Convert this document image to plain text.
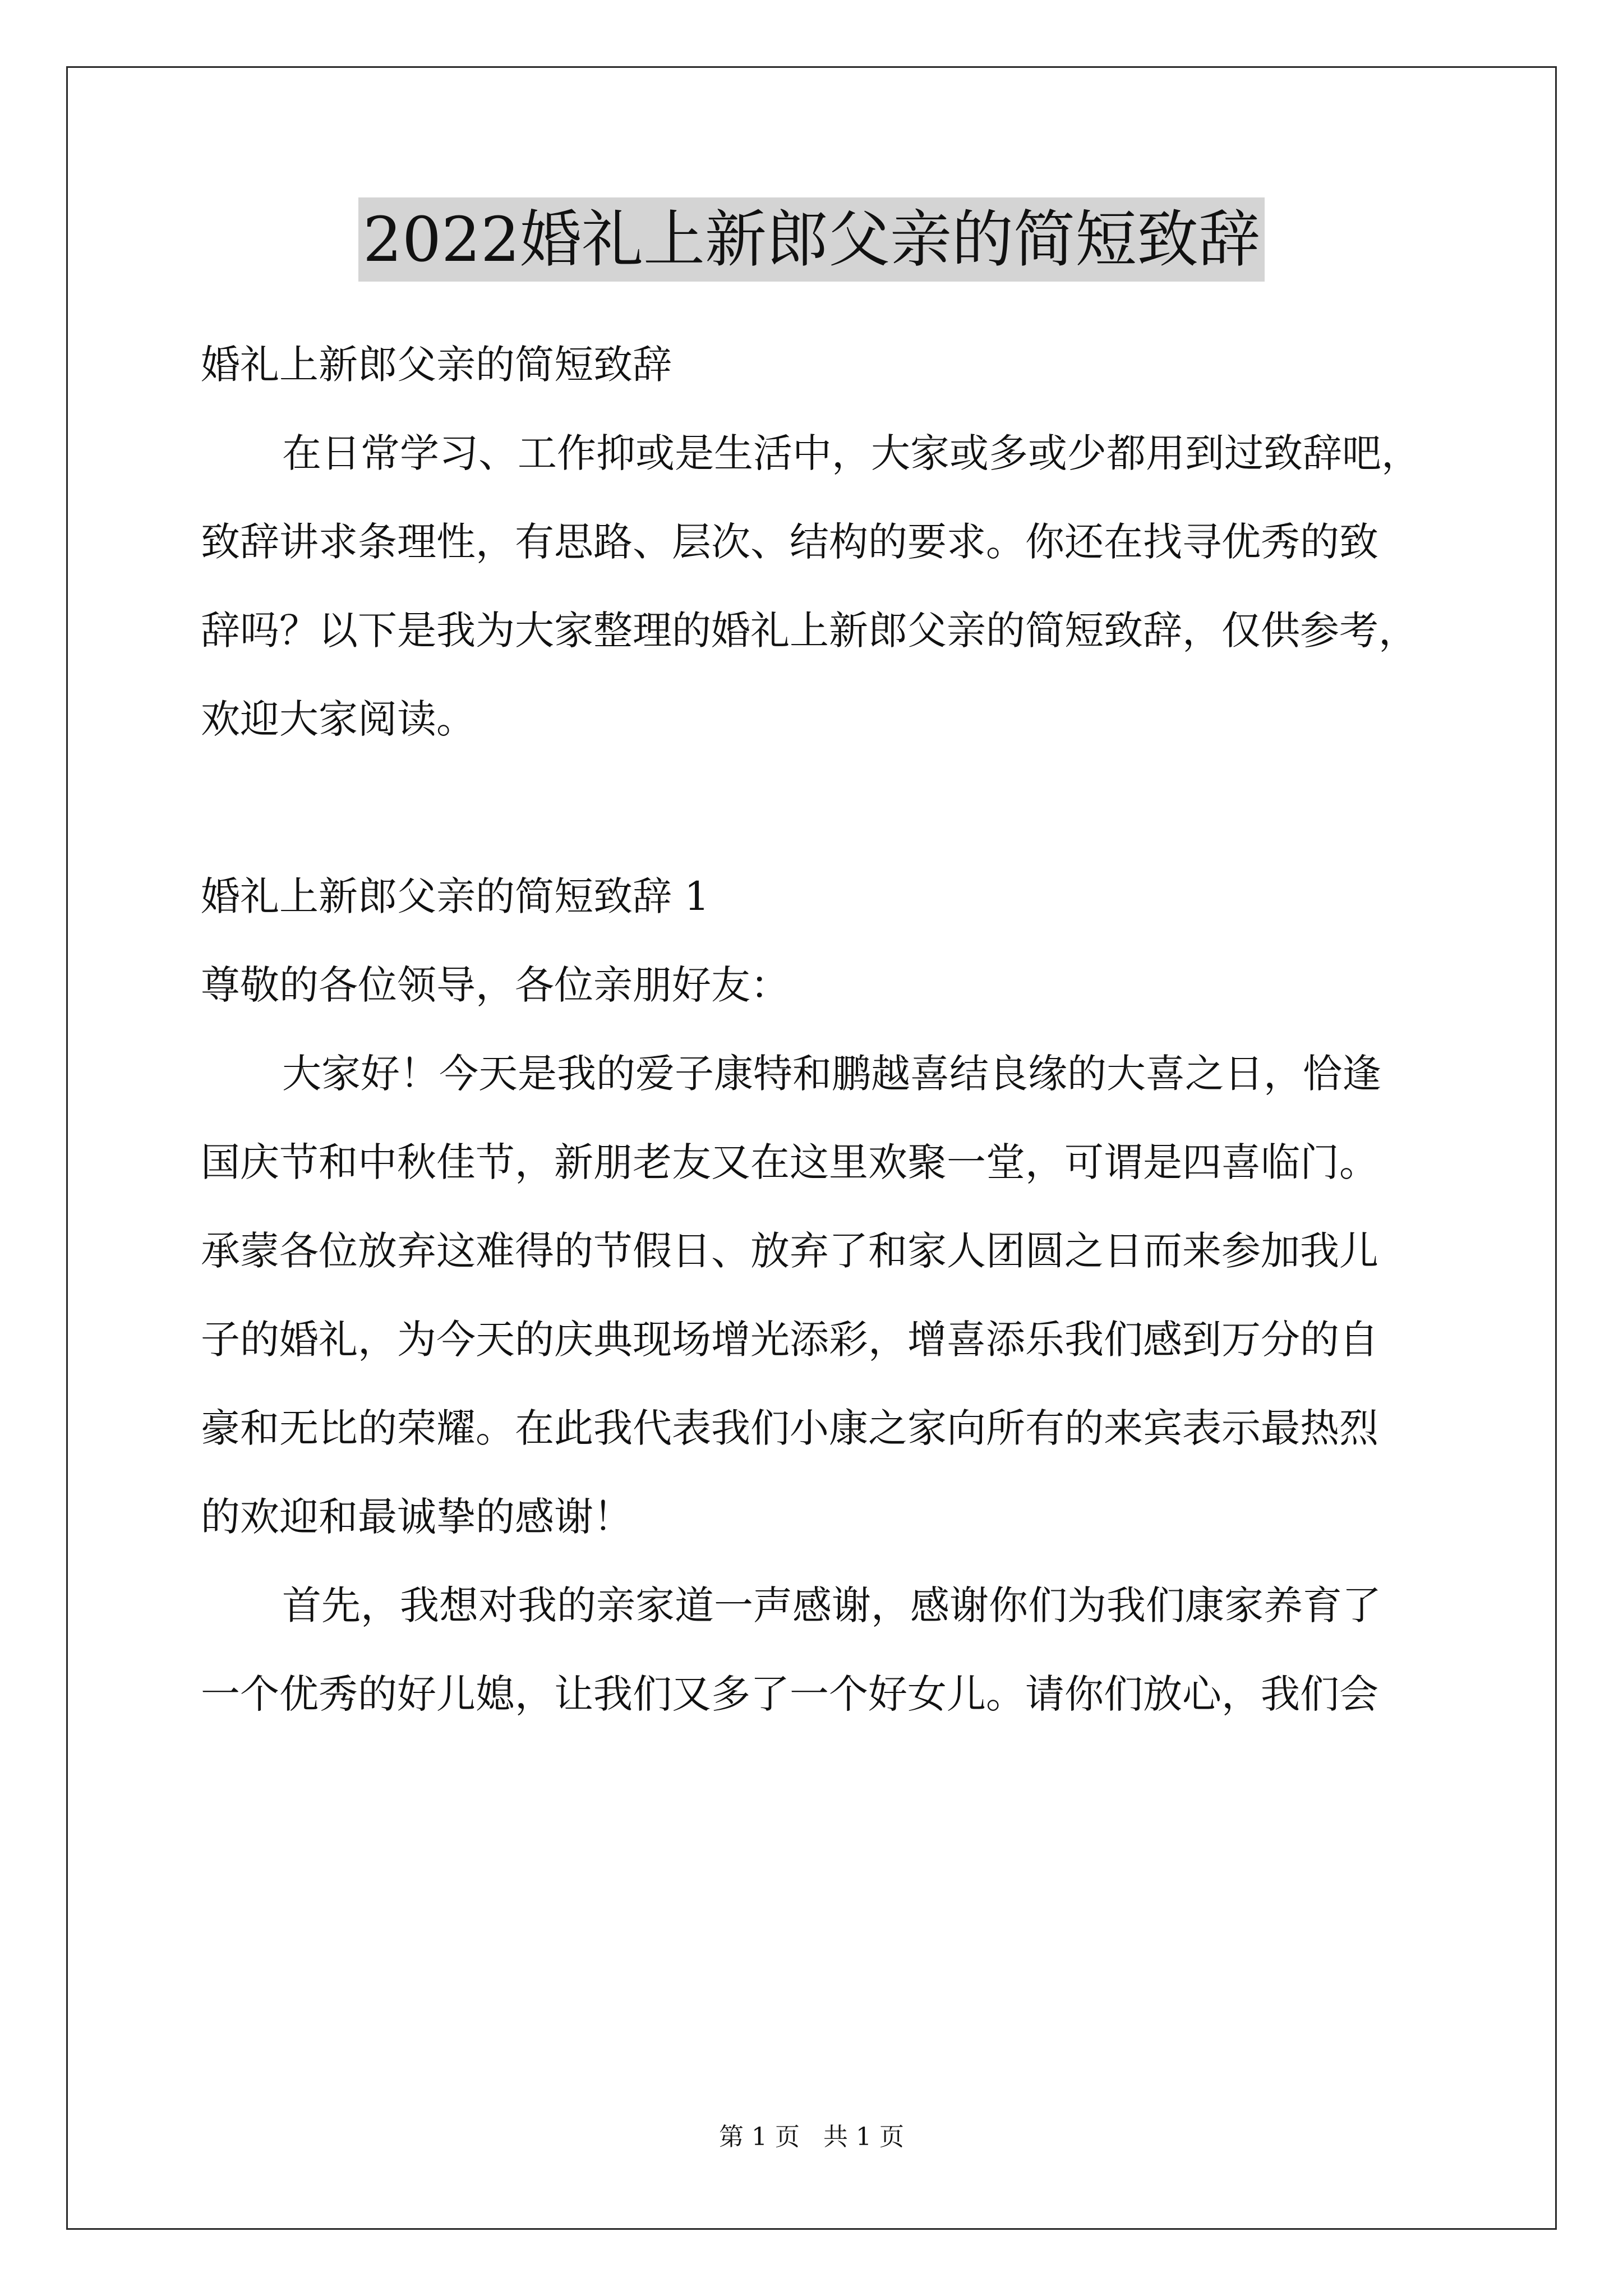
2022婚礼上新郎父亲的简短致辞
婚礼上新郎父亲的简短致辞
在日常学习、工作抑或是生活中，大家或多或少都用到过致辞吧，
致辞讲求条理性，有思路、层次、结构的要求。你还在找寻优秀的致
辞吗？以下是我为大家整理的婚礼上新郎父亲的简短致辞，仅供参考，
欢迎大家阅读。
婚礼上新郎父亲的简短致辞 1
尊敬的各位领导，各位亲朋好友：
大家好！今天是我的爱子康特和鹏越喜结良缘的大喜之日，恰逢
国庆节和中秋佳节，新朋老友又在这里欢聚一堂，可谓是四喜临门。
承蒙各位放弃这难得的节假日、放弃了和家人团圆之日而来参加我儿
子的婚礼，为今天的庆典现场增光添彩，增喜添乐我们感到万分的自
豪和无比的荣耀。在此我代表我们小康之家向所有的来宾表示最热烈
的欢迎和最诚挚的感谢！
首先，我想对我的亲家道一声感谢，感谢你们为我们康家养育了
一个优秀的好儿媳，让我们又多了一个好女儿。请你们放心，我们会
第 1 页   共 1 页
